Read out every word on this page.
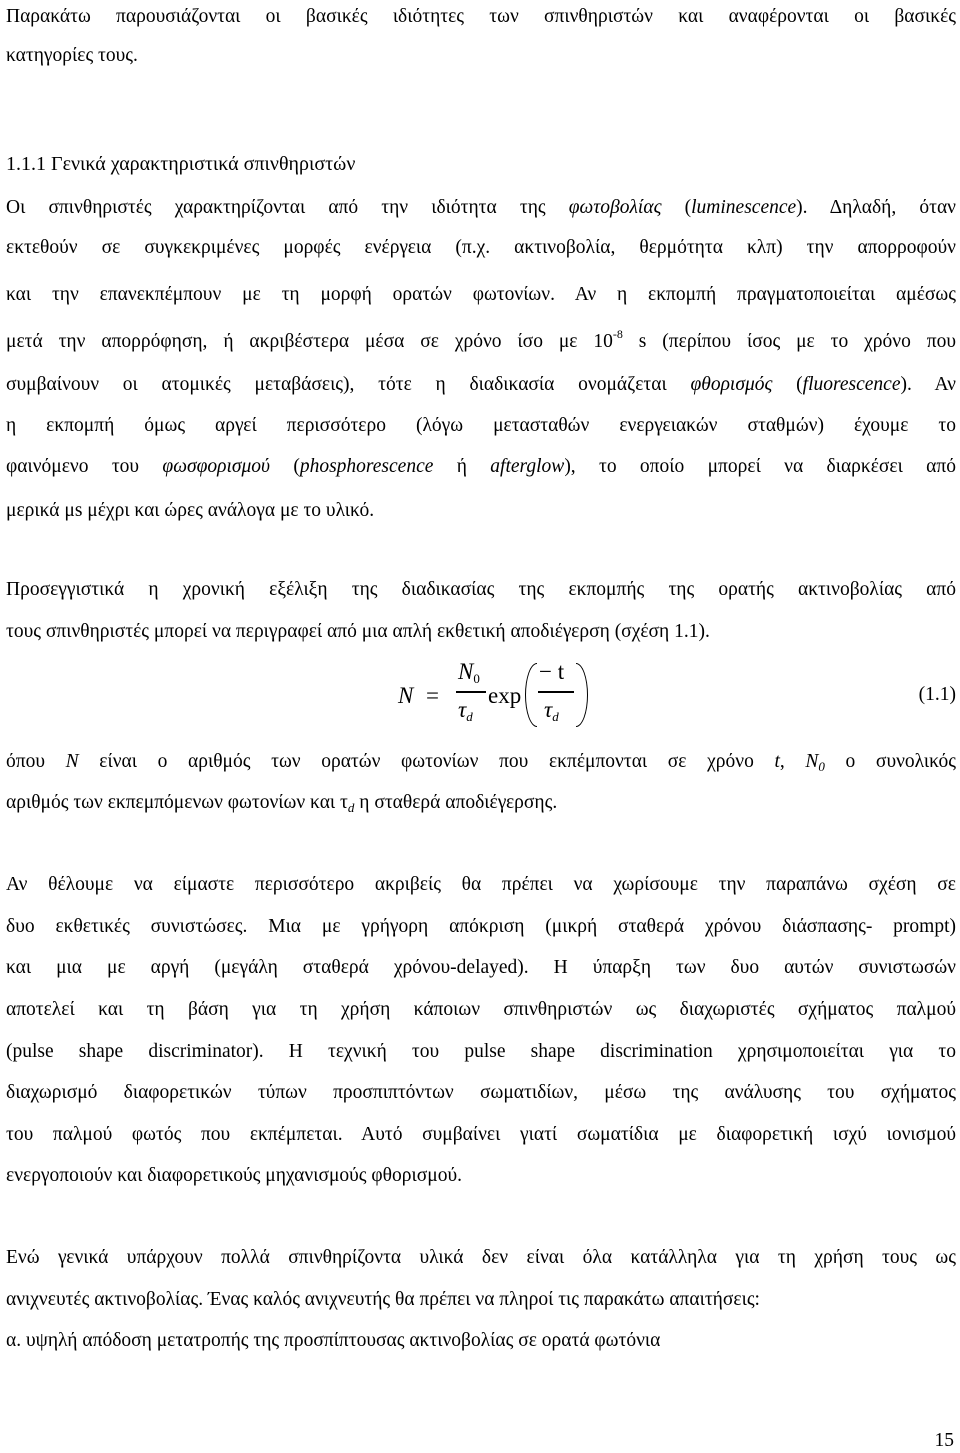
Παρακάτω παρουσιάζονται οι βασικές ιδιότητες των σπινθηριστών και αναφέρονται οι βασικές
κατηγορίες τους.
1.1.1 Γενικά χαρακτηριστικά σπινθηριστών
Οι σπινθηριστές χαρακτηρίζονται από την ιδιότητα της φωτοβολίας (luminescence). Δηλαδή, όταν
εκτεθούν σε συγκεκριμένες μορφές ενέργεια (π.χ. ακτινοβολία, θερμότητα κλπ) την απορροφούν
και την επανεκπέμπουν με τη μορφή ορατών φωτονίων. Αν η εκπομπή πραγματοποιείται αμέσως
μετά την απορρόφηση, ή ακριβέστερα μέσα σε χρόνο ίσο με $10^{-8}$ s (περίπου ίσος με το χρόνο που
συμβαίνουν οι ατομικές μεταβάσεις), τότε η διαδικασία ονομάζεται φθορισμός (fluorescence). Αν
η εκπομπή όμως αργεί περισσότερο (λόγω μετασταθών ενεργειακών σταθμών) έχουμε το
φαινόμενο του φωσφορισμού (phosphorescence ή afterglow), το οποίο μπορεί να διαρκέσει από
μερικά μs μέχρι και ώρες ανάλογα με το υλικό.
Προσεγγιστικά η χρονική εξέλιξη της διαδικασίας της εκπομπής της ορατής ακτινοβολίας από
τους σπινθηριστές μπορεί να περιγραφεί από μια απλή εκθετική αποδιέγερση (σχέση 1.1).
N =
$N_0$
$\tau_d$
exp
− t
$\tau_d$
(1.1)
όπου N είναι ο αριθμός των ορατών φωτονίων που εκπέμπονται σε χρόνο t, $N_0$ ο συνολικός
αριθμός των εκπεμπόμενων φωτονίων και $\tau_d$ η σταθερά αποδιέγερσης.
Αν θέλουμε να είμαστε περισσότερο ακριβείς θα πρέπει να χωρίσουμε την παραπάνω σχέση σε
δυο εκθετικές συνιστώσες. Μια με γρήγορη απόκριση (μικρή σταθερά χρόνου διάσπασης- prompt)
και μια με αργή (μεγάλη σταθερά χρόνου-delayed). Η ύπαρξη των δυο αυτών συνιστωσών
αποτελεί και τη βάση για τη χρήση κάποιων σπινθηριστών ως διαχωριστές σχήματος παλμού
(pulse shape discriminator). Η τεχνική του pulse shape discrimination χρησιμοποιείται για το
διαχωρισμό διαφορετικών τύπων προσπιπτόντων σωματιδίων, μέσω της ανάλυσης του σχήματος
του παλμού φωτός που εκπέμπεται. Αυτό συμβαίνει γιατί σωματίδια με διαφορετική ισχύ ιονισμού
ενεργοποιούν και διαφορετικούς μηχανισμούς φθορισμού.
Ενώ γενικά υπάρχουν πολλά σπινθηρίζοντα υλικά δεν είναι όλα κατάλληλα για τη χρήση τους ως
ανιχνευτές ακτινοβολίας. Ένας καλός ανιχνευτής θα πρέπει να πληροί τις παρακάτω απαιτήσεις:
α. υψηλή απόδοση μετατροπής της προσπίπτουσας ακτινοβολίας σε ορατά φωτόνια
15
